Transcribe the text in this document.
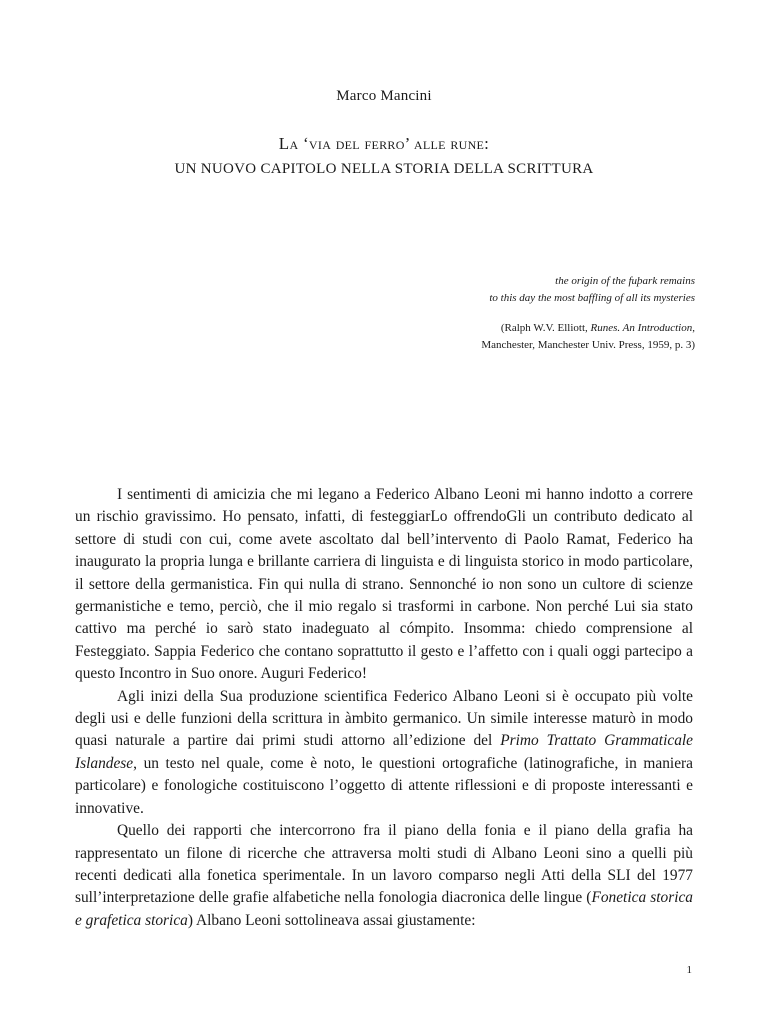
Marco Mancini
La ‘via del ferro’ alle rune:
UN NUOVO CAPITOLO NELLA STORIA DELLA SCRITTURA
the origin of the fuþark remains
to this day the most baffling of all its mysteries
(Ralph W.V. Elliott, Runes. An Introduction,
Manchester, Manchester Univ. Press, 1959, p. 3)

I sentimenti di amicizia che mi legano a Federico Albano Leoni mi hanno indotto a correre un rischio gravissimo. Ho pensato, infatti, di festeggiarLo offrendoGli un contributo dedicato al settore di studi con cui, come avete ascoltato dal bell’intervento di Paolo Ramat, Federico ha inaugurato la propria lunga e brillante carriera di linguista e di linguista storico in modo particolare, il settore della germanistica. Fin qui nulla di strano. Sennonché io non sono un cultore di scienze germanistiche e temo, perciò, che il mio regalo si trasformi in carbone. Non perché Lui sia stato cattivo ma perché io sarò stato inadeguato al cómpito. Insomma: chiedo comprensione al Festeggiato. Sappia Federico che contano soprattutto il gesto e l’affetto con i quali oggi partecipo a questo Incontro in Suo onore. Auguri Federico!

Agli inizi della Sua produzione scientifica Federico Albano Leoni si è occupato più volte degli usi e delle funzioni della scrittura in àmbito germanico. Un simile interesse maturò in modo quasi naturale a partire dai primi studi attorno all’edizione del Primo Trattato Grammaticale Islandese, un testo nel quale, come è noto, le questioni ortografiche (latinografiche, in maniera particolare) e fonologiche costituiscono l’oggetto di attente riflessioni e di proposte interessanti e innovative.

Quello dei rapporti che intercorrono fra il piano della fonia e il piano della grafia ha rappresentato un filone di ricerche che attraversa molti studi di Albano Leoni sino a quelli più recenti dedicati alla fonetica sperimentale. In un lavoro comparso negli Atti della SLI del 1977 sull’interpretazione delle grafie alfabetiche nella fonologia diacronica delle lingue (Fonetica storica e grafetica storica) Albano Leoni sottolineava assai giustamente:

1
